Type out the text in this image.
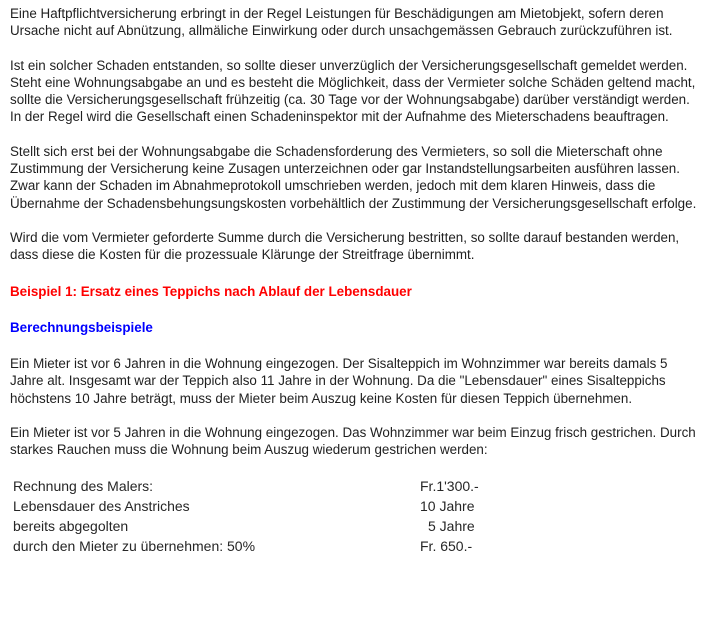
Eine Haftpflichtversicherung erbringt in der Regel Leistungen für Beschädigungen am Mietobjekt, sofern deren Ursache nicht auf Abnützung, allmäliche Einwirkung oder durch unsachgemässen Gebrauch zurückzuführen ist.

Ist ein solcher Schaden entstanden, so sollte dieser unverzüglich der Versicherungsgesellschaft gemeldet werden. Steht eine Wohnungsabgabe an und es besteht die Möglichkeit, dass der Vermieter solche Schäden geltend macht, sollte die Versicherungsgesellschaft frühzeitig (ca. 30 Tage vor der Wohnungsabgabe) darüber verständigt werden. In der Regel wird die Gesellschaft einen Schadeninspektor mit der Aufnahme des Mieterschadens beauftragen.

Stellt sich erst bei der Wohnungsabgabe die Schadensforderung des Vermieters, so soll die Mieterschaft ohne Zustimmung der Versicherung keine Zusagen unterzeichnen oder gar Instandstellungsarbeiten ausführen lassen. Zwar kann der Schaden im Abnahmeprotokoll umschrieben werden, jedoch mit dem klaren Hinweis, dass die Übernahme der Schadensbehungsungskosten vorbehältlich der Zustimmung der Versicherungsgesellschaft erfolge.

Wird die vom Vermieter geforderte Summe durch die Versicherung bestritten, so sollte darauf bestanden werden, dass diese die Kosten für die prozessuale Klärunge der Streitfrage übernimmt.

Beispiel 1: Ersatz eines Teppichs nach Ablauf der Lebensdauer

Berechnungsbeispiele

Ein Mieter ist vor 6 Jahren in die Wohnung eingezogen. Der Sisalteppich im Wohnzimmer war bereits damals 5 Jahre alt. Insgesamt war der Teppich also 11 Jahre in der Wohnung. Da die "Lebensdauer" eines Sisalteppichs höchstens 10 Jahre beträgt, muss der Mieter beim Auszug keine Kosten für diesen Teppich übernehmen.

Ein Mieter ist vor 5 Jahren in die Wohnung eingezogen. Das Wohnzimmer war beim Einzug frisch gestrichen. Durch starkes Rauchen muss die Wohnung beim Auszug wiederum gestrichen werden:

Rechnung des Malers:	Fr.1'300.-
Lebensdauer des Anstriches	10 Jahre
bereits abgegolten	5 Jahre
durch den Mieter zu übernehmen: 50%	Fr. 650.-
